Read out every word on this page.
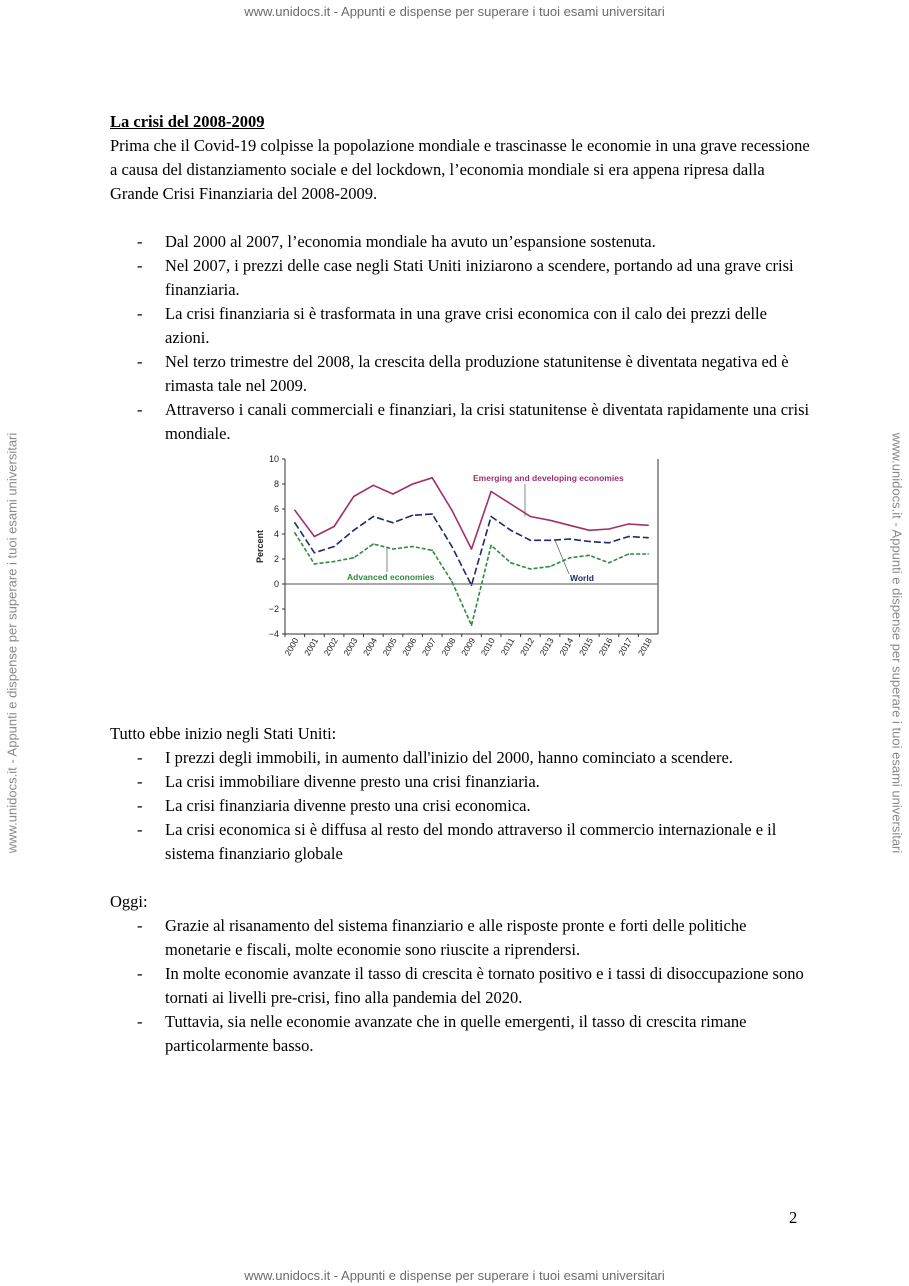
www.unidocs.it - Appunti e dispense per superare i tuoi esami universitari
www.unidocs.it - Appunti e dispense per superare i tuoi esami universitari
www.unidocs.it - Appunti e dispense per superare i tuoi esami universitari	www.unidocs.it - Appunti e dispense per superare i tuoi esami universitari

La crisi del 2008-2009

Prima che il Covid-19 colpisse la popolazione mondiale e trascinasse le economie in una grave recessione a causa del distanziamento sociale e del lockdown, l’economia mondiale si era appena ripresa dalla Grande Crisi Finanziaria del 2008-2009.

- Dal 2000 al 2007, l’economia mondiale ha avuto un’espansione sostenuta.
- Nel 2007, i prezzi delle case negli Stati Uniti iniziarono a scendere, portando ad una grave crisi finanziaria.
- La crisi finanziaria si è trasformata in una grave crisi economica con il calo dei prezzi delle azioni.
- Nel terzo trimestre del 2008, la crescita della produzione statunitense è diventata negativa ed è rimasta tale nel 2009.
- Attraverso i canali commerciali e finanziari, la crisi statunitense è diventata rapidamente una crisi mondiale.

Tutto ebbe inizio negli Stati Uniti:

- I prezzi degli immobili, in aumento dall'inizio del 2000, hanno cominciato a scendere.
- La crisi immobiliare divenne presto una crisi finanziaria.
- La crisi finanziaria divenne presto una crisi economica.
- La crisi economica si è diffusa al resto del mondo attraverso il commercio internazionale e il sistema finanziario globale

Oggi:

- Grazie al risanamento del sistema finanziario e alle risposte pronte e forti delle politiche monetarie e fiscali, molte economie sono riuscite a riprendersi.
- In molte economie avanzate il tasso di crescita è tornato positivo e i tassi di disoccupazione sono tornati ai livelli pre-crisi, fino alla pandemia del 2020.
- Tuttavia, sia nelle economie avanzate che in quelle emergenti, il tasso di crescita rimane particolarmente basso.
10
8
6
4
2
0
−2
−4
Percent
2000 2001 2002 2003 2004 2005 2006 2007 2008 2009 2010 2011 2012 2013 2014 2015 2016 2017 2018
Emerging and developing economies
Advanced economies	World
2
